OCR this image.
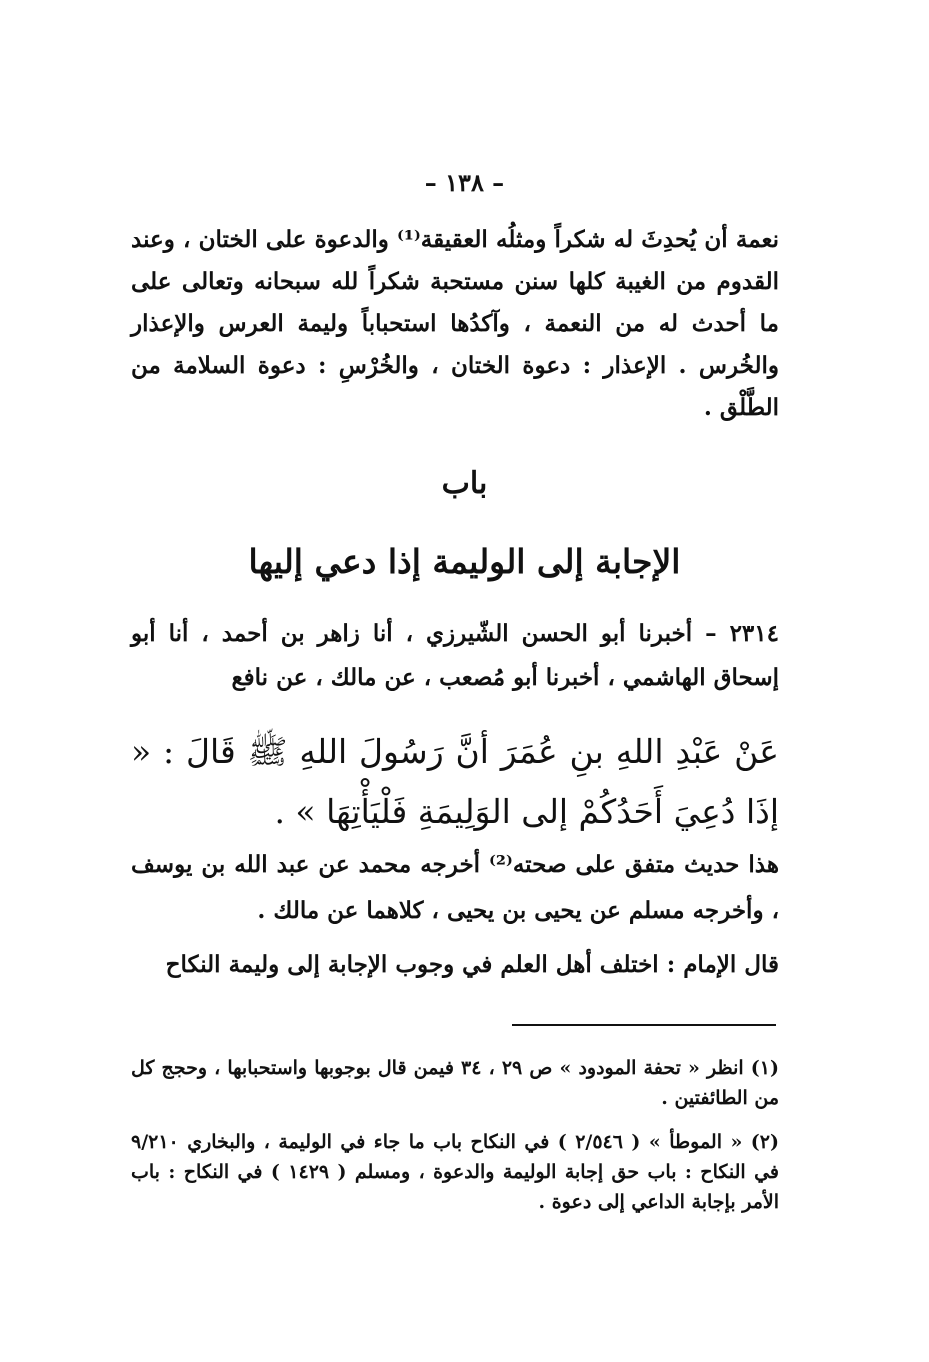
– ١٣٨ –
نعمة أن يُحدِثَ له شكراً ومثلُه العقيقة⁽¹⁾ والدعوة على الختان ، وعند القدوم من الغيبة كلها سنن مستحبة شكراً لله سبحانه وتعالى على ما أحدث له من النعمة ، وآكدُها استحباباً وليمة العرس والإعذار والخُرس . الإعذار : دعوة الختان ، والخُرْسِ : دعوة السلامة من الطَّلْق .
باب
الإجابة إلى الوليمة إذا دعي إليها
٢٣١٤ – أخبرنا أبو الحسن الشّيرزي ، أنا زاهر بن أحمد ، أنا أبو إسحاق الهاشمي ، أخبرنا أبو مُصعب ، عن مالك ، عن نافع
عَنْ عَبْدِ اللهِ بنِ عُمَرَ أنَّ رَسُولَ اللهِ ﷺ قَالَ : « إذَا دُعِيَ أَحَدُكُمْ إلى الوَلِيمَةِ فَلْيَأْتِهَا » .
هذا حديث متفق على صحته⁽²⁾ أخرجه محمد عن عبد الله بن يوسف ، وأخرجه مسلم عن يحيى بن يحيى ، كلاهما عن مالك .
قال الإمام : اختلف أهل العلم في وجوب الإجابة إلى وليمة النكاح
(١) انظر « تحفة المودود » ص ٢٩ ، ٣٤ فيمن قال بوجوبها واستحبابها ، وحجج كل من الطائفتين .
(٢) « الموطأ » ( ٢/٥٤٦ ) في النكاح باب ما جاء في الوليمة ، والبخاري ٩/٢١٠ في النكاح : باب حق إجابة الوليمة والدعوة ، ومسلم ( ١٤٢٩ ) في النكاح : باب الأمر بإجابة الداعي إلى دعوة .
